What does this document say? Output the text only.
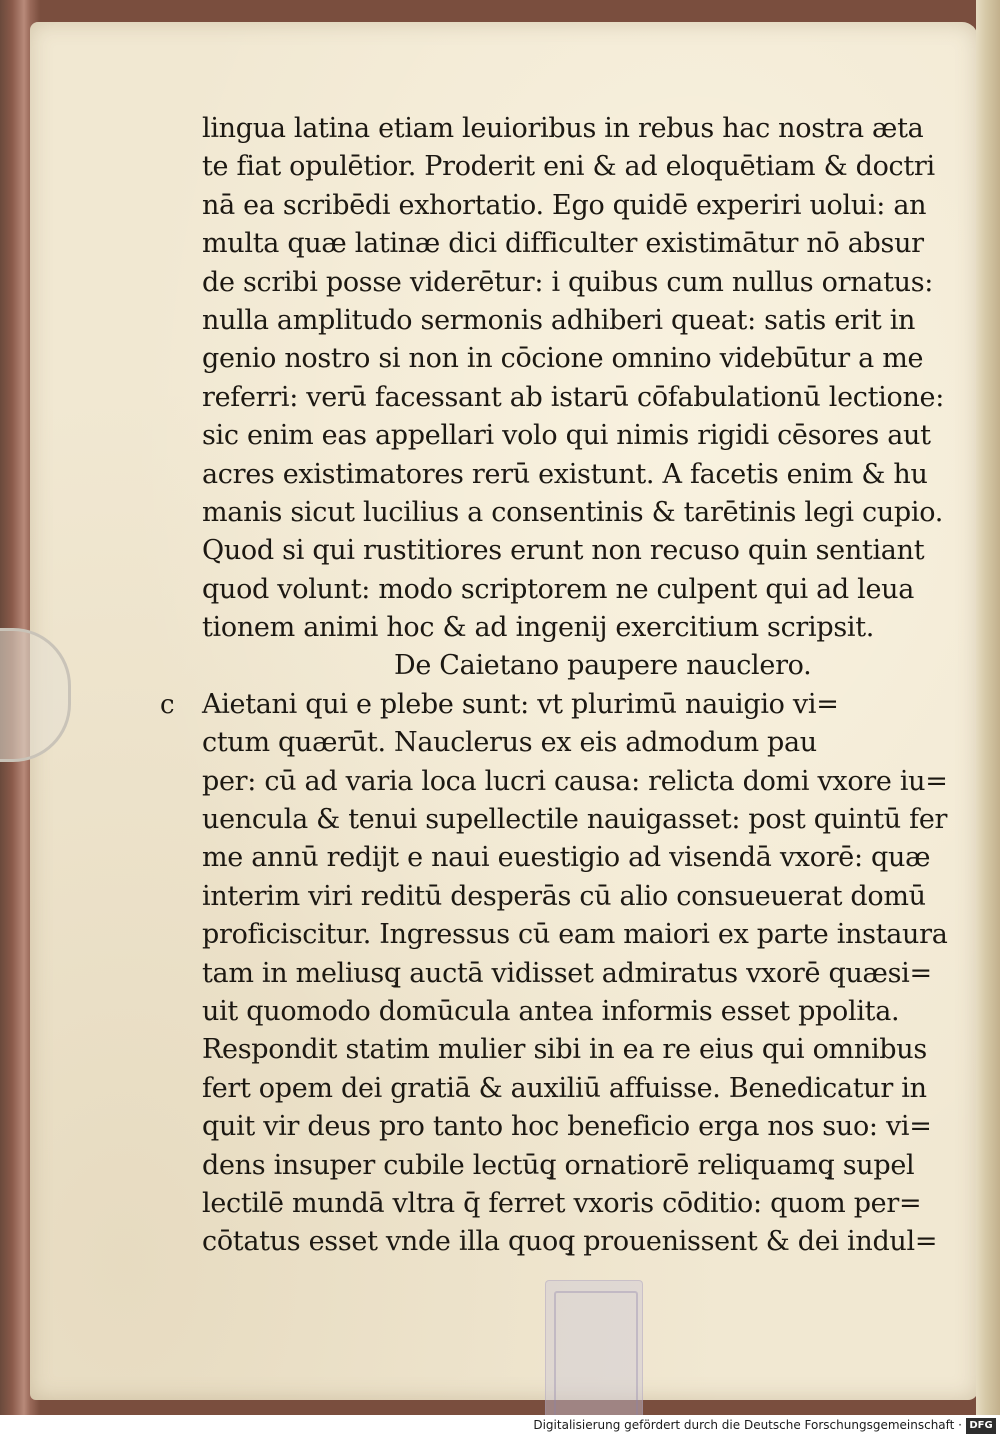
lingua latina etiam leuioribus in rebus hac nostra æta
te fiat opulētior. Proderit eni & ad eloquētiam & doctri
nā ea scribēdi exhortatio. Ego quidē experiri uolui: an
multa quæ latinæ dici difficulter existimātur nō absur
de scribi posse viderētur: i quibus cum nullus ornatus:
nulla amplitudo sermonis adhiberi queat: satis erit in
genio nostro si non in cōcione omnino videbūtur a me
referri: verū facessant ab istarū cōfabulationū lectione:
sic enim eas appellari volo qui nimis rigidi cēsores aut
acres existimatores rerū existunt. A facetis enim & hu
manis sicut lucilius a consentinis & tarētinis legi cupio.
Quod si qui rustitiores erunt non recuso quin sentiant
quod volunt: modo scriptorem ne culpent qui ad leua
tionem animi hoc & ad ingenij exercitium scripsit.
De Caietano paupere nauclero.
c Aietani qui e plebe sunt: vt plurimū nauigio vi=
ctum quærūt. Nauclerus ex eis admodum pau
per: cū ad varia loca lucri causa: relicta domi vxore iu=
uencula & tenui supellectile nauigasset: post quintū fer
me annū redijt e naui euestigio ad visendā vxorē: quæ
interim viri reditū desperās cū alio consueuerat domū
proficiscitur. Ingressus cū eam maiori ex parte instaura
tam in meliusq̧ auctā vidisset admiratus vxorē quæsi=
uit quomodo domūcula antea informis esset ppolita.
Respondit statim mulier sibi in ea re eius qui omnibus
fert opem dei gratiā & auxiliū affuisse. Benedicatur in
quit vir deus pro tanto hoc beneficio erga nos suo: vi=
dens insuper cubile lectūq̧ ornatiorē reliquamq̧ supel
lectilē mundā vltra q̄ ferret vxoris cōditio: quom per=
cōtatus esset vnde illa quoq̧ prouenissent & dei indul=
Digitalisierung gefördert durch die Deutsche Forschungsgemeinschaft · DFG
